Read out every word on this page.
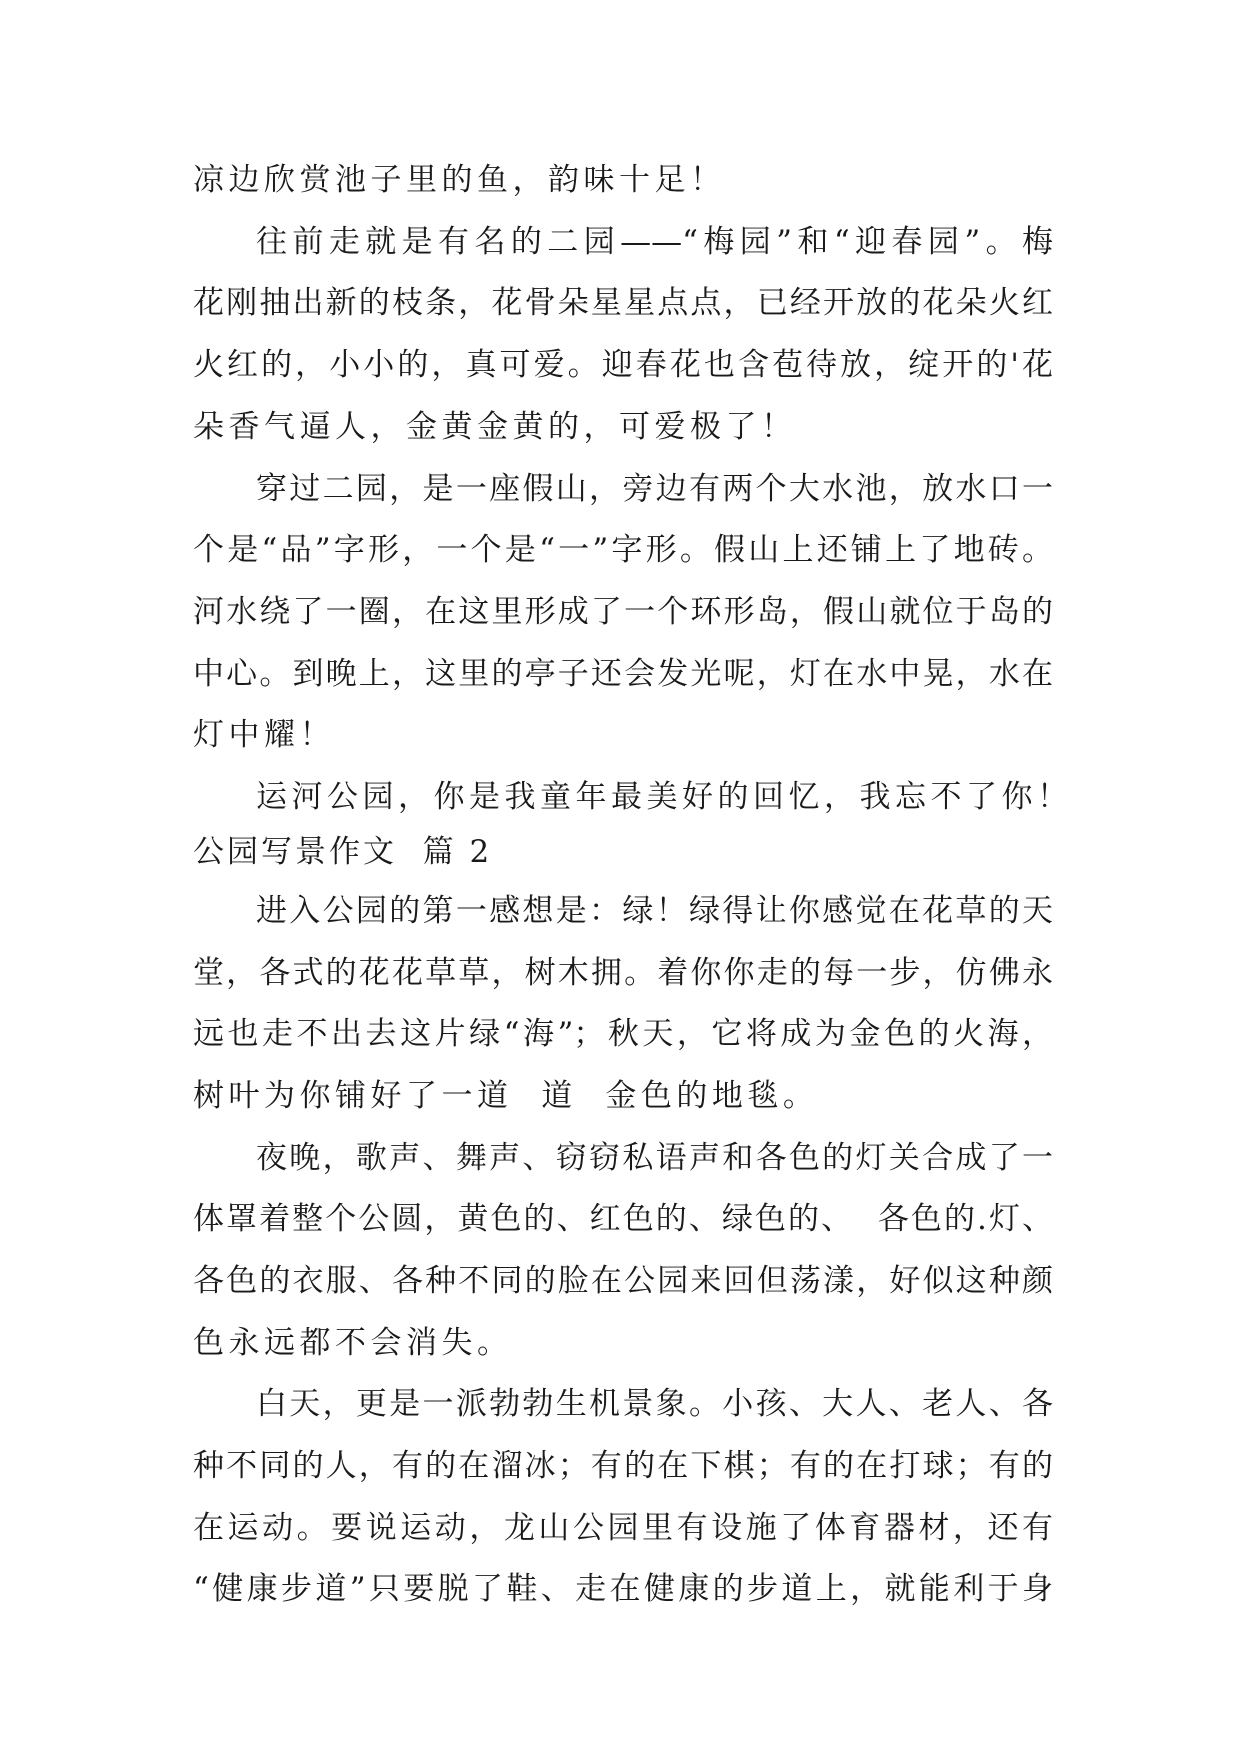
凉边欣赏池子里的鱼，韵味十足！
往前走就是有名的二园——“梅园”和“迎春园”。梅
花刚抽出新的枝条，花骨朵星星点点，已经开放的花朵火红
火红的，小小的，真可爱。迎春花也含苞待放，绽开的'花
朵香气逼人，金黄金黄的，可爱极了！
穿过二园，是一座假山，旁边有两个大水池，放水口一
个是“品”字形，一个是“一”字形。假山上还铺上了地砖。
河水绕了一圈，在这里形成了一个环形岛，假山就位于岛的
中心。到晚上，这里的亭子还会发光呢，灯在水中晃，水在
灯中耀！
运河公园，你是我童年最美好的回忆，我忘不了你！
公园写景作文  篇 2
进入公园的第一感想是：绿！绿得让你感觉在花草的天
堂，各式的花花草草，树木拥。着你你走的每一步，仿佛永
远也走不出去这片绿“海”；秋天，它将成为金色的火海，
树叶为你铺好了一道  道  金色的地毯。
夜晚，歌声、舞声、窃窃私语声和各色的灯关合成了一
体罩着整个公圆，黄色的、红色的、绿色的、  各色的.灯、
各色的衣服、各种不同的脸在公园来回但荡漾，好似这种颜
色永远都不会消失。
白天，更是一派勃勃生机景象。小孩、大人、老人、各
种不同的人，有的在溜冰；有的在下棋；有的在打球；有的
在运动。要说运动，龙山公园里有设施了体育器材，还有
“健康步道”只要脱了鞋、走在健康的步道上，就能利于身
